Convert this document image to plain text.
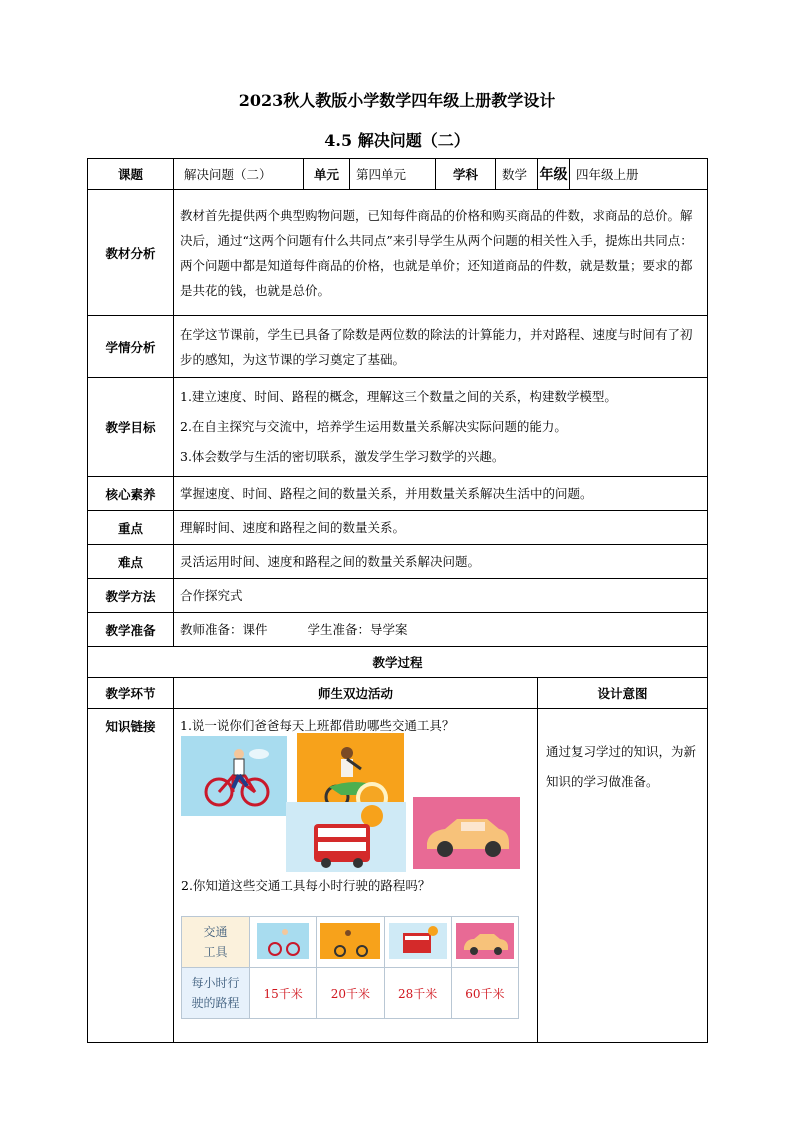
2023秋人教版小学数学四年级上册教学设计
4.5 解决问题（二）
课题	解决问题（二）	单元	第四单元	学科	数学	年级	四年级上册
教材分析	教材首先提供两个典型购物问题，已知每件商品的价格和购买商品的件数，求商品的总价。解决后，通过“这两个问题有什么共同点”来引导学生从两个问题的相关性入手，提炼出共同点：两个问题中都是知道每件商品的价格，也就是单价；还知道商品的件数，就是数量；要求的都是共花的钱，也就是总价。						
学情分析	在学这节课前，学生已具备了除数是两位数的除法的计算能力，并对路程、速度与时间有了初步的感知，为这节课的学习奠定了基础。						
教学目标	1.建立速度、时间、路程的概念，理解这三个数量之间的关系，构建数学模型。
2.在自主探究与交流中，培养学生运用数量关系解决实际问题的能力。
3.体会数学与生活的密切联系，激发学生学习数学的兴趣。						

核心素养	掌握速度、时间、路程之间的数量关系，并用数量关系解决生活中的问题。						
重点	理解时间、速度和路程之间的数量关系。						
难点	灵活运用时间、速度和路程之间的数量关系解决问题。						
教学方法	合作探究式						
教学准备	教师准备：课件 学生准备：导学案						
教学过程							
教学环节	师生双边活动					设计意图	
知识链接	1.说一说你们爸爸每天上班都借助哪些交通工具？					通过复习学过的知识，为新知识的学习做准备。	
2.你知道这些交通工具每小时行驶的路程吗？
交通
工具

每小时行
驶的路程	15千米	20千米	28千米	60千米
